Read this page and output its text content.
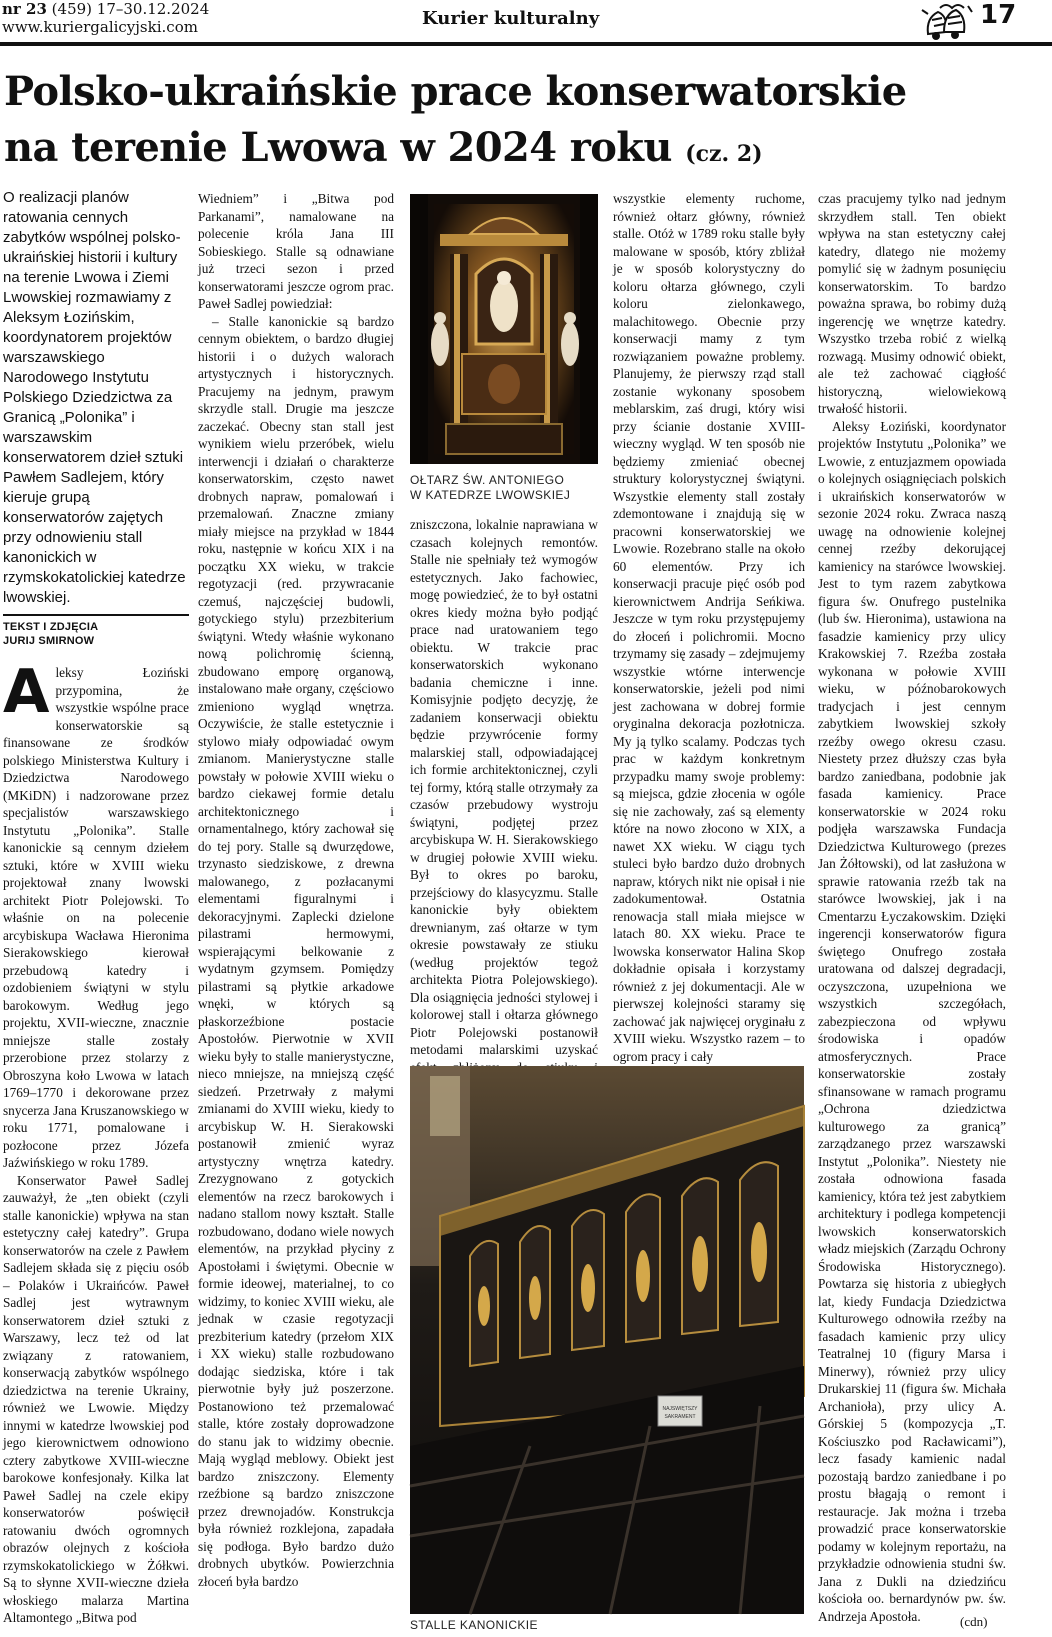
nr 23 (459) 17–30.12.2024
www.kuriergalicyjski.com	Kurier kulturalny	17
Polsko-ukraińskie prace konserwatorskie
na terenie Lwowa w 2024 roku (cz. 2)
O realizacji planów ratowania cennych zabytków wspólnej polsko-ukraińskiej historii i kultury na terenie Lwowa i Ziemi Lwowskiej rozmawiamy z Aleksym Łozińskim, koordynatorem projektów warszawskiego Narodowego Instytutu Polskiego Dziedzictwa za Granicą „Polonika” i warszawskim konserwatorem dzieł sztuki Pawłem Sadlejem, który kieruje grupą konserwatorów zajętych przy odnowieniu stall kanonickich w rzymskokatolickiej katedrze lwowskiej.
TEKST I ZDJĘCIA
JURIJ SMIRNOW

Aleksy Łoziński przypomina, że wszystkie wspólne prace konserwatorskie są finansowane ze środków polskiego Ministerstwa Kultury i Dziedzictwa Narodowego (MKiDN) i nadzorowane przez specjalistów warszawskiego Instytutu „Polonika”. Stalle kanonickie są cennym dziełem sztuki, które w XVIII wieku projektował znany lwowski architekt Piotr Polejowski. To właśnie on na polecenie arcybiskupa Wacława Hieronima Sierakowskiego kierował przebudową katedry i ozdobieniem świątyni w stylu barokowym. Według jego projektu, XVII-wieczne, znacznie mniejsze stalle zostały przerobione przez stolarzy z Obroszyna koło Lwowa w latach 1769–1770 i dekorowane przez snycerza Jana Kruszanowskiego w roku 1771, pomalowane i pozłocone przez Józefa Jaźwińskiego w roku 1789.

Konserwator Paweł Sadlej zauważył, że „ten obiekt (czyli stalle kanonickie) wpływa na stan estetyczny całej katedry”. Grupa konserwatorów na czele z Pawłem Sadlejem składa się z pięciu osób – Polaków i Ukraińców. Paweł Sadlej jest wytrawnym konserwatorem dzieł sztuki z Warszawy, lecz też od lat związany z ratowaniem, konserwacją zabytków wspólnego dziedzictwa na terenie Ukrainy, również we Lwowie. Między innymi w katedrze lwowskiej pod jego kierownictwem odnowiono cztery zabytkowe XVIII-wieczne barokowe konfesjonały. Kilka lat Paweł Sadlej na czele ekipy konserwatorów poświęcił ratowaniu dwóch ogromnych obrazów olejnych z kościoła rzymskokatolickiego w Żółkwi. Są to słynne XVII-wieczne dzieła włoskiego malarza Martina Altamontego „Bitwa pod

Wiedniem” i „Bitwa pod Parkanami”, namalowane na polecenie króla Jana III Sobieskiego. Stalle są odnawiane już trzeci sezon i przed konserwatorami jeszcze ogrom prac. Paweł Sadlej powiedział:

– Stalle kanonickie są bardzo cennym obiektem, o bardzo długiej historii i o dużych walorach artystycznych i historycznych. Pracujemy na jednym, prawym skrzydle stall. Drugie ma jeszcze zaczekać. Obecny stan stall jest wynikiem wielu przeróbek, wielu interwencji i działań o charakterze konserwatorskim, często nawet drobnych napraw, pomalowań i przemalowań. Znaczne zmiany miały miejsce na przykład w 1844 roku, następnie w końcu XIX i na początku XX wieku, w trakcie regotyzacji (red. przywracanie czemuś, najczęściej budowli, gotyckiego stylu) przezbiterium świątyni. Wtedy właśnie wykonano nową polichromię ścienną, zbudowano emporę organową, instalowano małe organy, częściowo zmieniono wygląd wnętrza. Oczywiście, że stalle estetycznie i stylowo miały odpowiadać owym zmianom. Manierystyczne stalle powstały w połowie XVIII wieku o bardzo ciekawej formie detalu architektonicznego i ornamentalnego, który zachował się do tej pory. Stalle są dwurzędowe, trzynasto siedziskowe, z drewna malowanego, z pozłacanymi elementami figuralnymi i dekoracyjnymi. Zaplecki dzielone pilastrami hermowymi, wspierającymi belkowanie z wydatnym gzymsem. Pomiędzy pilastrami są płytkie arkadowe wnęki, w których są płaskorzeźbione postacie Apostołów. Pierwotnie w XVII wieku były to stalle manierystyczne, nieco mniejsze, na mniejszą część siedzeń. Przetrwały z małymi zmianami do XVIII wieku, kiedy to arcybiskup W. H. Sierakowski postanowił zmienić wyraz artystyczny wnętrza katedry. Zrezygnowano z gotyckich elementów na rzecz barokowych i nadano stallom nowy kształt. Stalle rozbudowano, dodano wiele nowych elementów, na przykład płyciny z Apostołami i świętymi. Obecnie w formie ideowej, materialnej, to co widzimy, to koniec XVIII wieku, ale jednak w czasie regotyzacji prezbiterium katedry (przełom XIX i XX wieku) stalle rozbudowano dodając siedziska, które i tak pierwotnie były już poszerzone. Postanowiono też przemalować stalle, które zostały doprowadzone do stanu jak to widzimy obecnie. Mają wygląd meblowy. Obiekt jest bardzo zniszczony. Elementy rzeźbione są bardzo zniszczone przez drewnojadów. Konstrukcja była również rozklejona, zapadała się podłoga. Było bardzo dużo drobnych ubytków. Powierzchnia złoceń była bardzo

OŁTARZ ŚW. ANTONIEGO
W KATEDRZE LWOWSKIEJ

zniszczona, lokalnie naprawiana w czasach kolejnych remontów. Stalle nie spełniały też wymogów estetycznych. Jako fachowiec, mogę powiedzieć, że to był ostatni okres kiedy można było podjąć prace nad uratowaniem tego obiektu. W trakcie prac konserwatorskich wykonano badania chemiczne i inne. Komisyjnie podjęto decyzję, że zadaniem konserwacji obiektu będzie przywrócenie formy malarskiej stall, odpowiadającej ich formie architektonicznej, czyli tej formy, którą stalle otrzymały za czasów przebudowy wystroju świątyni, podjętej przez arcybiskupa W. H. Sierakowskiego w drugiej połowie XVIII wieku. Był to okres po baroku, przejściowy do klasycyzmu. Stalle kanonickie były obiektem drewnianym, zaś ołtarze w tym okresie powstawały ze stiuku (według projektów tegoż architekta Piotra Polejowskiego). Dla osiągnięcia jedności stylowej i kolorowej stall i ołtarza głównego Piotr Polejowski postanowił metodami malarskimi uzyskać

wszystkie elementy ruchome, również ołtarz główny, również stalle. Otóż w 1789 roku stalle były malowane w sposób, który zbliżał je w sposób kolorystyczny do koloru ołtarza głównego, czyli koloru zielonkawego, malachitowego. Obecnie przy konserwacji mamy z tym rozwiązaniem poważne problemy. Planujemy, że pierwszy rząd stall zostanie wykonany sposobem meblarskim, zaś drugi, który wisi przy ścianie dostanie XVIII-wieczny wygląd. W ten sposób nie będziemy zmieniać obecnej struktury kolorystycznej świątyni. Wszystkie elementy stall zostały zdemontowane i znajdują się w pracowni konserwatorskiej we Lwowie. Rozebrano stalle na około 60 elementów. Przy ich konserwacji pracuje pięć osób pod kierownictwem Andrija Seńkiwa. Jeszcze w tym roku przystępujemy do złoceń i polichromii. Mocno trzymamy się zasady – zdejmujemy wszystkie wtórne interwencje konserwatorskie, jeżeli pod nimi jest zachowana w dobrej formie oryginalna dekoracja pozłotnicza. My ją tylko scalamy. Podczas tych prac w każdym konkretnym przypadku mamy swoje problemy: są miejsca, gdzie złocenia w ogóle się nie zachowały, zaś są elementy które na nowo złocono w XIX, a nawet XX wieku. W ciągu tych stuleci było bardzo dużo drobnych napraw, których nikt nie opisał i nie zadokumentował. Ostatnia renowacja stall miała miejsce w latach 80. XX wieku. Prace te lwowska konserwator Halina Skop dokładnie opisała i korzystamy również z jej dokumentacji. Ale w pierwszej kolejności staramy się zachować jak najwięcej oryginału z XVIII wieku. Wszystko razem – to ogrom pracy i cały

NAJSWIĘTSZY
SAKRAMENT
STALLE KANONICKIE

czas pracujemy tylko nad jednym skrzydłem stall. Ten obiekt wpływa na stan estetyczny całej katedry, dlatego nie możemy pomylić się w żadnym posunięciu konserwatorskim. To bardzo poważna sprawa, bo robimy dużą ingerencję we wnętrze katedry. Wszystko trzeba robić z wielką rozwagą. Musimy odnowić obiekt, ale też zachować ciągłość historyczną, wielowiekową trwałość historii.

Aleksy Łoziński, koordynator projektów Instytutu „Polonika” we Lwowie, z entuzjazmem opowiada o kolejnych osiągnięciach polskich i ukraińskich konserwatorów w sezonie 2024 roku. Zwraca naszą uwagę na odnowienie kolejnej cennej rzeźby dekorującej kamienicy na starówce lwowskiej. Jest to tym razem zabytkowa figura św. Onufrego pustelnika (lub św. Hieronima), ustawiona na fasadzie kamienicy przy ulicy Krakowskiej 7. Rzeźba została wykonana w połowie XVIII wieku, w późnobarokowych tradycjach i jest cennym zabytkiem lwowskiej szkoły rzeźby owego okresu czasu. Niestety przez dłuższy czas była bardzo zaniedbana, podobnie jak fasada kamienicy. Prace konserwatorskie w 2024 roku podjęła warszawska Fundacja Dziedzictwa Kulturowego (prezes Jan Żółtowski), od lat zasłużona w sprawie ratowania rzeźb tak na starówce lwowskiej, jak i na Cmentarzu Łyczakowskim. Dzięki ingerencji konserwatorów figura świętego Onufrego została uratowana od dalszej degradacji, oczyszczona, uzupełniona we wszystkich szczegółach, zabezpieczona od wpływu środowiska i opadów atmosferycznych. Prace konserwatorskie zostały sfinansowane w ramach programu „Ochrona dziedzictwa kulturowego za granicą” zarządzanego przez warszawski Instytut „Polonika”. Niestety nie została odnowiona fasada kamienicy, która też jest zabytkiem architektury i podlega kompetencji lwowskich konserwatorskich władz miejskich (Zarządu Ochrony Środowiska Historycznego). Powtarza się historia z ubiegłych lat, kiedy Fundacja Dziedzictwa Kulturowego odnowiła rzeźby na fasadach kamienic przy ulicy Teatralnej 10 (figury Marsa i Minerwy), również przy ulicy Drukarskiej 11 (figura św. Michała Archanioła), przy ulicy A. Górskiej 5 (kompozycja „T. Kościuszko pod Racławicami”), lecz fasady kamienic nadal pozostają bardzo zaniedbane i po prostu błagają o remont i restauracje. Jak można i trzeba prowadzić prace konserwatorskie podamy w kolejnym reportażu, na przykładzie odnowienia studni św. Jana z Dukli na dziedzińcu kościoła oo. bernardynów pw. św. Andrzeja Apostoła.	(cdn)
